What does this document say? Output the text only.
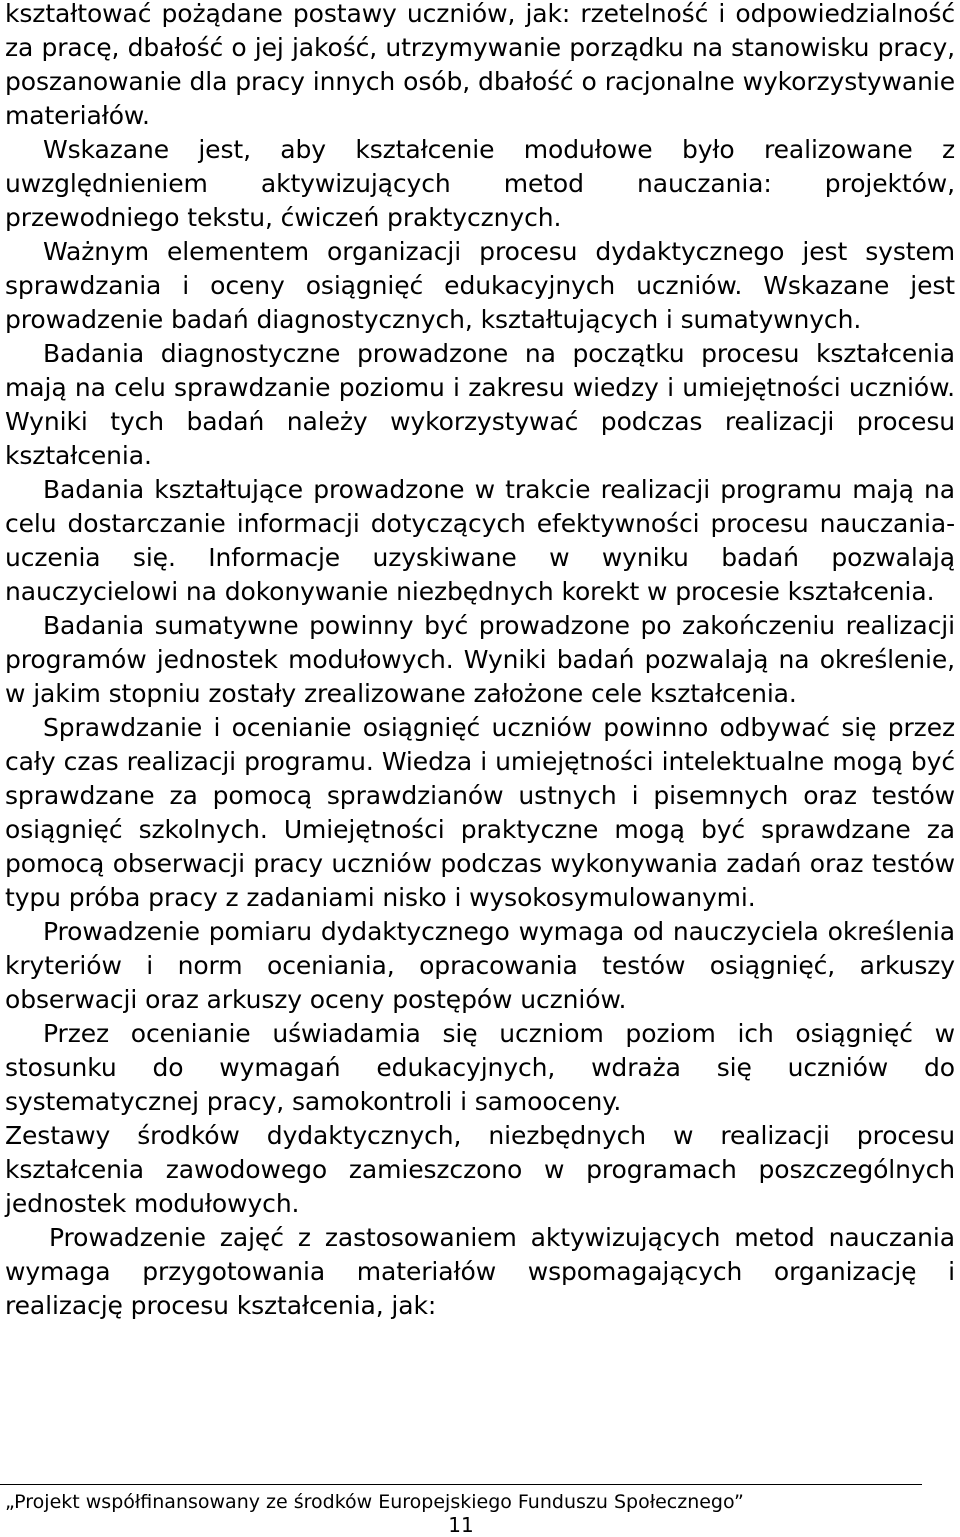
kształtować pożądane postawy uczniów, jak: rzetelność i odpowiedzialność za pracę, dbałość o jej jakość, utrzymywanie porządku na stanowisku pracy, poszanowanie dla pracy innych osób, dbałość o racjonalne wykorzystywanie materiałów.

Wskazane jest, aby kształcenie modułowe było realizowane z uwzględnieniem aktywizujących metod nauczania: projektów, przewodniego tekstu, ćwiczeń praktycznych.

Ważnym elementem organizacji procesu dydaktycznego jest system sprawdzania i oceny osiągnięć edukacyjnych uczniów. Wskazane jest prowadzenie badań diagnostycznych, kształtujących i sumatywnych.

Badania diagnostyczne prowadzone na początku procesu kształcenia mają na celu sprawdzanie poziomu i zakresu wiedzy i umiejętności uczniów. Wyniki tych badań należy wykorzystywać podczas realizacji procesu kształcenia.

Badania kształtujące prowadzone w trakcie realizacji programu mają na celu dostarczanie informacji dotyczących efektywności procesu nauczania-uczenia się. Informacje uzyskiwane w wyniku badań pozwalają nauczycielowi na dokonywanie niezbędnych korekt w procesie kształcenia.

Badania sumatywne powinny być prowadzone po zakończeniu realizacji programów jednostek modułowych. Wyniki badań pozwalają na określenie, w jakim stopniu zostały zrealizowane założone cele kształcenia.

Sprawdzanie i ocenianie osiągnięć uczniów powinno odbywać się przez cały czas realizacji programu. Wiedza i umiejętności intelektualne mogą być sprawdzane za pomocą sprawdzianów ustnych i pisemnych oraz testów osiągnięć szkolnych. Umiejętności praktyczne mogą być sprawdzane za pomocą obserwacji pracy uczniów podczas wykonywania zadań oraz testów typu próba pracy z zadaniami nisko i wysokosymulowanymi.

Prowadzenie pomiaru dydaktycznego wymaga od nauczyciela określenia kryteriów i norm oceniania, opracowania testów osiągnięć, arkuszy obserwacji oraz arkuszy oceny postępów uczniów.

Przez ocenianie uświadamia się uczniom poziom ich osiągnięć w stosunku do wymagań edukacyjnych, wdraża się uczniów do systematycznej pracy, samokontroli i samooceny.

Zestawy środków dydaktycznych, niezbędnych w realizacji procesu kształcenia zawodowego zamieszczono w programach poszczególnych jednostek modułowych.

Prowadzenie zajęć z zastosowaniem aktywizujących metod nauczania wymaga przygotowania materiałów wspomagających organizację i realizację procesu kształcenia, jak:

„Projekt współfinansowany ze środków Europejskiego Funduszu Społecznego”
11
